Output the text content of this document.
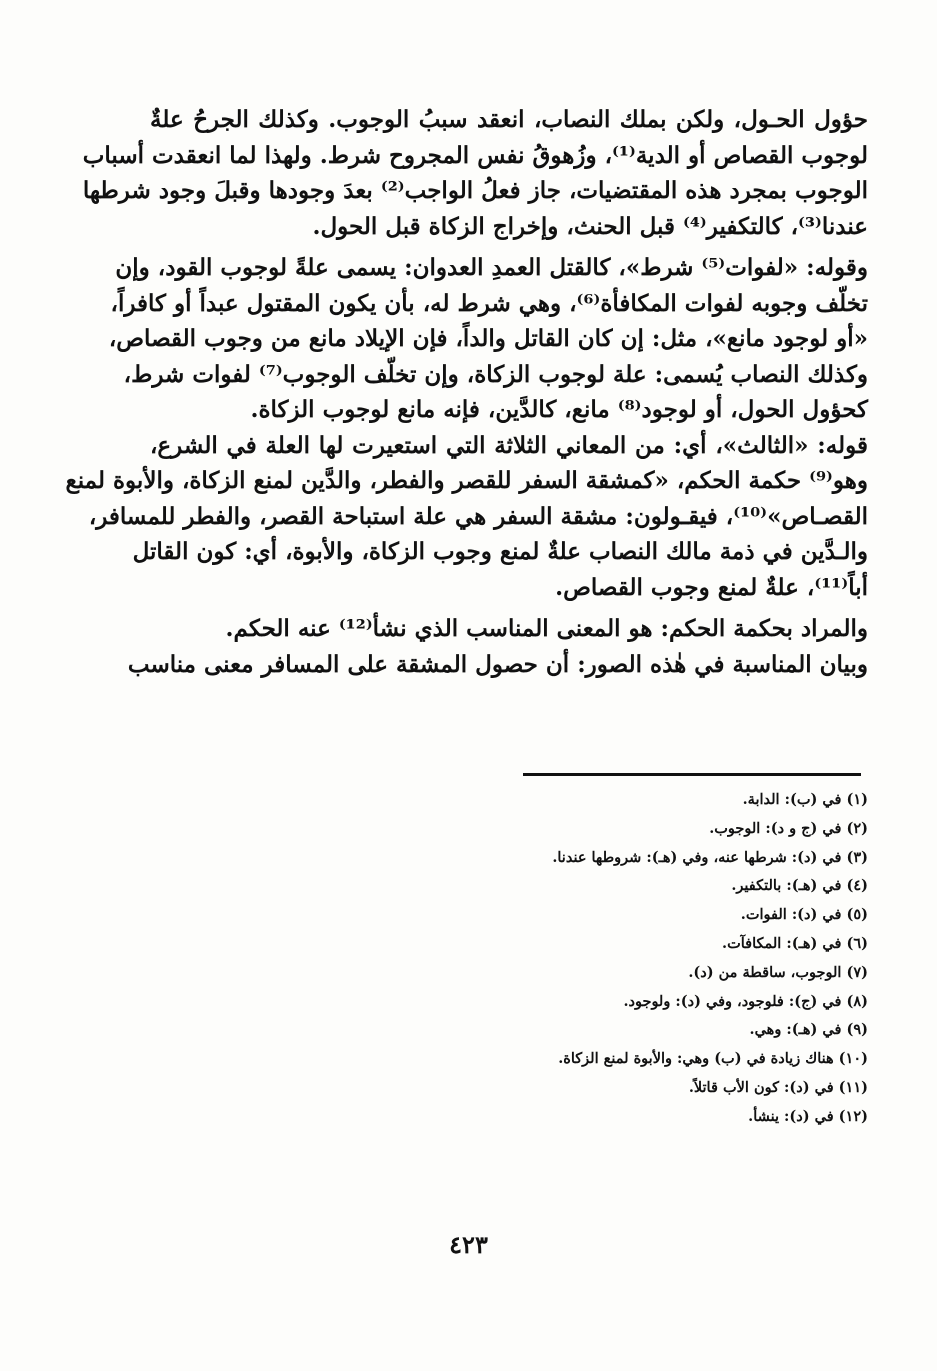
حؤول الحـول، ولكن بملك النصاب، انعقد سببُ الوجوب. وكذلك الجرحُ علةٌ
لوجوب القصاص أو الدية⁽¹⁾، وزُهوقُ نفس المجروح شرط. ولهذا لما انعقدت أسباب
الوجوب بمجرد هذه المقتضيات، جاز فعلُ الواجب⁽²⁾ بعدَ وجودها وقبلَ وجود شرطها
عندنا⁽³⁾، كالتكفير⁽⁴⁾ قبل الحنث، وإخراج الزكاة قبل الحول.
وقوله: «لفوات⁽⁵⁾ شرط»، كالقتل العمدِ العدوان: يسمى علةً لوجوب القود، وإن
تخلّف وجوبه لفوات المكافأة⁽⁶⁾، وهي شرط له، بأن يكون المقتول عبداً أو كافراً،
«أو لوجود مانع»، مثل: إن كان القاتل والداً، فإن الإيلاد مانع من وجوب القصاص،
وكذلك النصاب يُسمى: علة لوجوب الزكاة، وإن تخلّف الوجوب⁽⁷⁾ لفوات شرط،
كحؤول الحول، أو لوجود⁽⁸⁾ مانع، كالدَّين، فإنه مانع لوجوب الزكاة.
قوله: «الثالث»، أي: من المعاني الثلاثة التي استعيرت لها العلة في الشرع،
وهو⁽⁹⁾ حكمة الحكم، «كمشقة السفر للقصر والفطر، والدَّين لمنع الزكاة، والأبوة لمنع
القصـاص»⁽¹⁰⁾، فيقـولون: مشقة السفر هي علة استباحة القصر، والفطر للمسافر،
والـدَّين في ذمة مالك النصاب علةٌ لمنع وجوب الزكاة، والأبوة، أي: كون القاتل
أباً⁽¹¹⁾، علةٌ لمنع وجوب القصاص.
والمراد بحكمة الحكم: هو المعنى المناسب الذي نشأ⁽¹²⁾ عنه الحكم.
وبيان المناسبة في هٰذه الصور: أن حصول المشقة على المسافر معنى مناسب
(١) في (ب): الدابة.
(٢) في (ج و د): الوجوب.
(٣) في (د): شرطها عنه، وفي (هـ): شروطها عندنا.
(٤) في (هـ): بالتكفير.
(٥) في (د): الفوات.
(٦) في (هـ): المكافآت.
(٧) الوجوب، ساقطة من (د).
(٨) في (ج): فلوجود، وفي (د): ولوجود.
(٩) في (هـ): وهي.
(١٠) هناك زيادة في (ب) وهي: والأبوة لمنع الزكاة.
(١١) في (د): كون الأب قاتلاً.
(١٢) في (د): ينشأ.
٤٢٣
